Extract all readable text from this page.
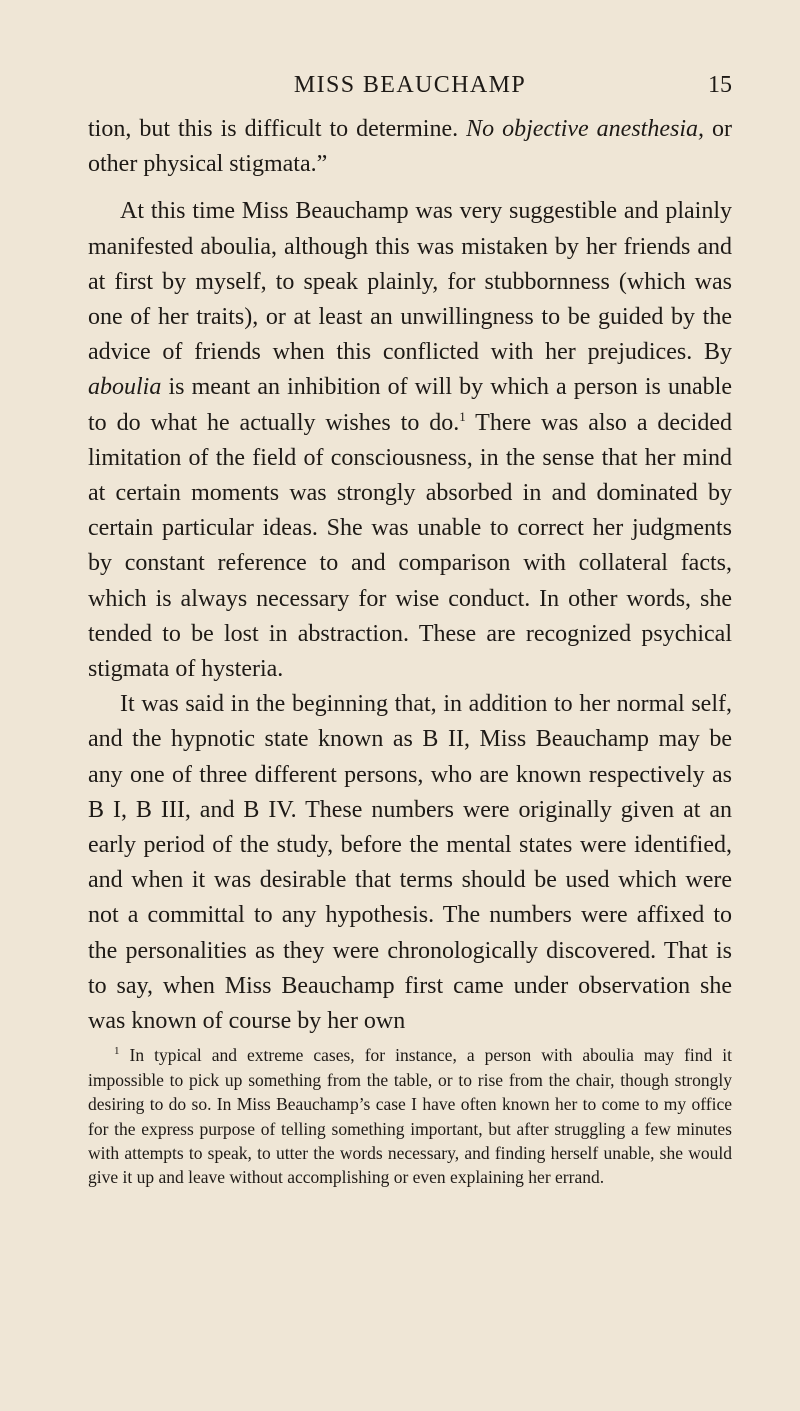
MISS BEAUCHAMP	15

tion, but this is difficult to determine. No objective anesthesia, or other physical stigmata.”

At this time Miss Beauchamp was very suggestible and plainly manifested aboulia, although this was mistaken by her friends and at first by myself, to speak plainly, for stubbornness (which was one of her traits), or at least an unwillingness to be guided by the advice of friends when this conflicted with her prejudices. By aboulia is meant an inhibition of will by which a person is unable to do what he actually wishes to do.$^1$ There was also a decided limitation of the field of consciousness, in the sense that her mind at certain moments was strongly absorbed in and dominated by certain particular ideas. She was unable to correct her judgments by constant reference to and comparison with collateral facts, which is always necessary for wise conduct. In other words, she tended to be lost in abstraction. These are recognized psychical stigmata of hysteria.

It was said in the beginning that, in addition to her normal self, and the hypnotic state known as B II, Miss Beauchamp may be any one of three different persons, who are known respectively as B I, B III, and B IV. These numbers were originally given at an early period of the study, before the mental states were identified, and when it was desirable that terms should be used which were not a committal to any hypothesis. The numbers were affixed to the personalities as they were chronologically discovered. That is to say, when Miss Beauchamp first came under observation she was known of course by her own

$^1$ In typical and extreme cases, for instance, a person with aboulia may find it impossible to pick up something from the table, or to rise from the chair, though strongly desiring to do so. In Miss Beauchamp’s case I have often known her to come to my office for the express purpose of telling something important, but after struggling a few minutes with attempts to speak, to utter the words necessary, and finding herself unable, she would give it up and leave without accomplishing or even explaining her errand.
